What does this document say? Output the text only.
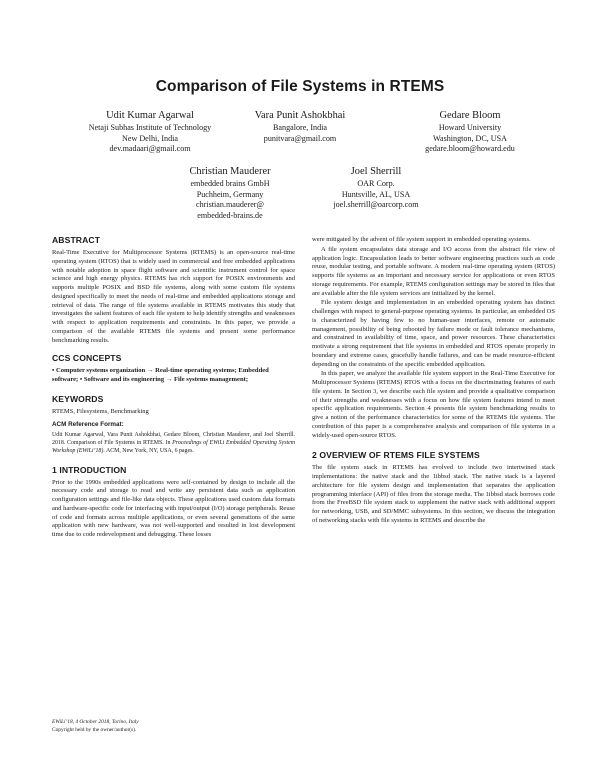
Comparison of File Systems in RTEMS
Udit Kumar Agarwal
Netaji Subhas Institute of Technology
New Delhi, India
dev.madaari@gmail.com
Vara Punit Ashokbhai
Bangalore, India
punitvara@gmail.com
Gedare Bloom
Howard University
Washington, DC, USA
gedare.bloom@howard.edu
Christian Mauderer
embedded brains GmbH
Puchheim, Germany
christian.mauderer@
embedded-brains.de
Joel Sherrill
OAR Corp.
Huntsville, AL, USA
joel.sherrill@oarcorp.com
ABSTRACT

Real-Time Executive for Multiprocessor Systems (RTEMS) is an open-source real-time operating system (RTOS) that is widely used in commercial and free embedded applications with notable adoption in space flight software and scientific instrument control for space science and high energy physics. RTEMS has rich support for POSIX environments and supports multiple POSIX and BSD file systems, along with some custom file systems designed specifically to meet the needs of real-time and embedded applications storage and retrieval of data. The range of file systems available in RTEMS motivates this study that investigates the salient features of each file system to help identify strengths and weaknesses with respect to application requirements and constraints. In this paper, we provide a comparison of the available RTEMS file systems and present some performance benchmarking results.

CCS CONCEPTS

• Computer systems organization → Real-time operating systems; Embedded software; • Software and its engineering → File systems management;

KEYWORDS

RTEMS, Filesystems, Benchmarking

ACM Reference Format:
Udit Kumar Agarwal, Vara Punit Ashokbhai, Gedare Bloom, Christian Mauderer, and Joel Sherrill. 2018. Comparison of File Systems in RTEMS. In Proceedings of EWiLi Embedded Operating System Workshop (EWiLi’18). ACM, New York, NY, USA, 6 pages.
1 INTRODUCTION

Prior to the 1990s embedded applications were self-contained by design to include all the necessary code and storage to read and write any persistent data such as application configuration settings and file-like data objects. These applications used custom data formats and hardware-specific code for interfacing with input/output (I/O) storage peripherals. Reuse of code and formats across multiple applications, or even several generations of the same application with new hardware, was not well-supported and resulted in lost development time due to code redevelopment and debugging. These losses

were mitigated by the advent of file system support in embedded operating systems.

A file system encapsulates data storage and I/O access from the abstract file view of application logic. Encapsulation leads to better software engineering practices such as code reuse, modular testing, and portable software. A modern real-time operating system (RTOS) supports file systems as an important and necessary service for applications or even RTOS storage requirements. For example, RTEMS configuration settings may be stored in files that are available after the file system services are initialized by the kernel.

File system design and implementation in an embedded operating system has distinct challenges with respect to general-purpose operating systems. In particular, an embedded OS is characterized by having few to no human-user interfaces, remote or automatic management, possibility of being rebooted by failure mode or fault tolerance mechanisms, and constrained in availability of time, space, and power resources. These characteristics motivate a strong requirement that file systems in embedded and RTOS operate properly in boundary and extreme cases, gracefully handle failures, and can be made resource-efficient depending on the constraints of the specific embedded application.

In this paper, we analyze the available file system support in the Real-Time Executive for Multiprocessor Systems (RTEMS) RTOS with a focus on the discriminating features of each file system. In Section 3, we describe each file system and provide a qualitative comparison of their strengths and weaknesses with a focus on how file system features intend to meet specific application requirements. Section 4 presents file system benchmarking results to give a notion of the performance characteristics for some of the RTEMS file systems. The contribution of this paper is a comprehensive analysis and comparison of file systems in a widely-used open-source RTOS.

2 OVERVIEW OF RTEMS FILE SYSTEMS

The file system stack in RTEMS has evolved to include two intertwined stack implementations: the native stack and the 1ibbsd stack. The native stack is a layered architecture for file system design and implementation that separates the application programming interface (API) of files from the storage media. The 1ibbsd stack borrows code from the FreeBSD file system stack to supplement the native stack with additional support for networking, USB, and SD/MMC subsystems. In this section, we discuss the integration of networking stacks with file systems in RTEMS and describe the

EWiLi’18, 4 October 2018, Torino, Italy
Copyright held by the owner/author(s).
